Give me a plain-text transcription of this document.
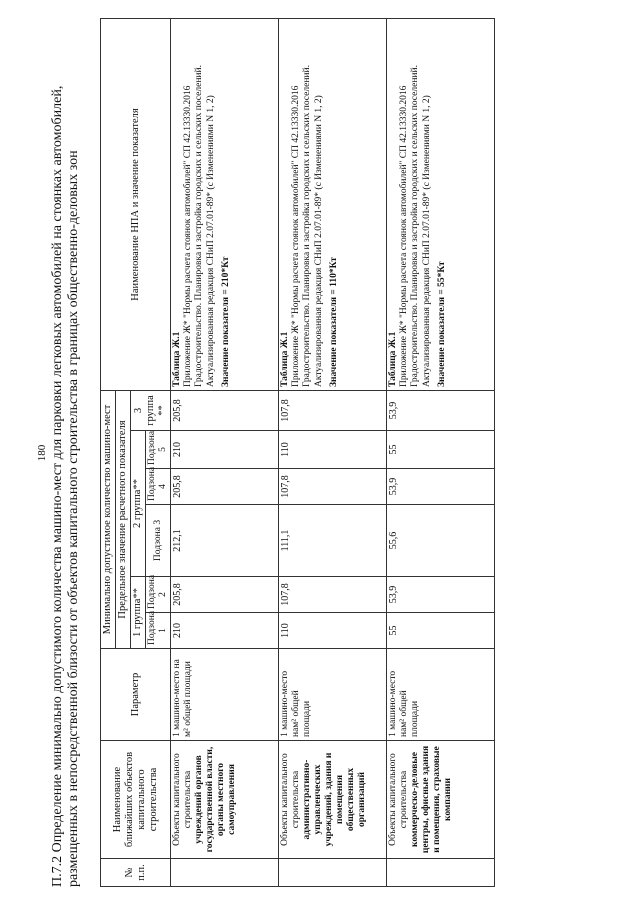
180 П.7.2 Определение минимально допустимого количества машино-мест для парковки легковых автомобилей на стоянках автомобилей, размещенных в непосредственной близости от объектов капитального строительства в границах общественно-деловых зон	№ п.п.	Наименование ближайших объектов капитального строительства	Параметр	Минимально допустимое количество машино-мест						Наименование НПА и значение показателя
			Предельное значение расчетного показателя						
			1 группа**		2 группа**			3 группа **	
			Подзона 1	Подзона 2	Подзона 3	Подзона 4	Подзона 5		
	Объекты капитального строительства учреждений органов государственной власти, органы местного самоуправления	1 машино-место на м² общей площади	210	205,8	212,1	205,8	210	205,8	Таблица Ж.1 Приложение Ж* "Нормы расчета стоянок автомобилей" СП 42.13330.2016 Градостроительство. Планировка и застройка городских и сельских поселений. Актуализированная редакция СНиП 2.07.01-89* (с Изменениями N 1, 2) Значение показателя = 210*Кт

	Объекты капитального строительства административно-управленческих учреждений, здания и помещения общественных организаций	1 машино-место нам² общей площади	110	107,8	111,1	107,8	110	107,8	Таблица Ж.1 Приложение Ж* "Нормы расчета стоянок автомобилей" СП 42.13330.2016 Градостроительство. Планировка и застройка городских и сельских поселений. Актуализированная редакция СНиП 2.07.01-89* (с Изменениями N 1, 2) Значение показателя = 110*Кт

	Объекты капитального строительства коммерческо-деловые центры, офисные здания и помещения, страховые компании	1 машино-место нам² общей площади	55	53,9	55,6	53,9	55	53,9	Таблица Ж.1 Приложение Ж* "Нормы расчета стоянок автомобилей" СП 42.13330.2016 Градостроительство. Планировка и застройка городских и сельских поселений. Актуализированная редакция СНиП 2.07.01-89* (с Изменениями N 1, 2) Значение показателя = 55*Кт
